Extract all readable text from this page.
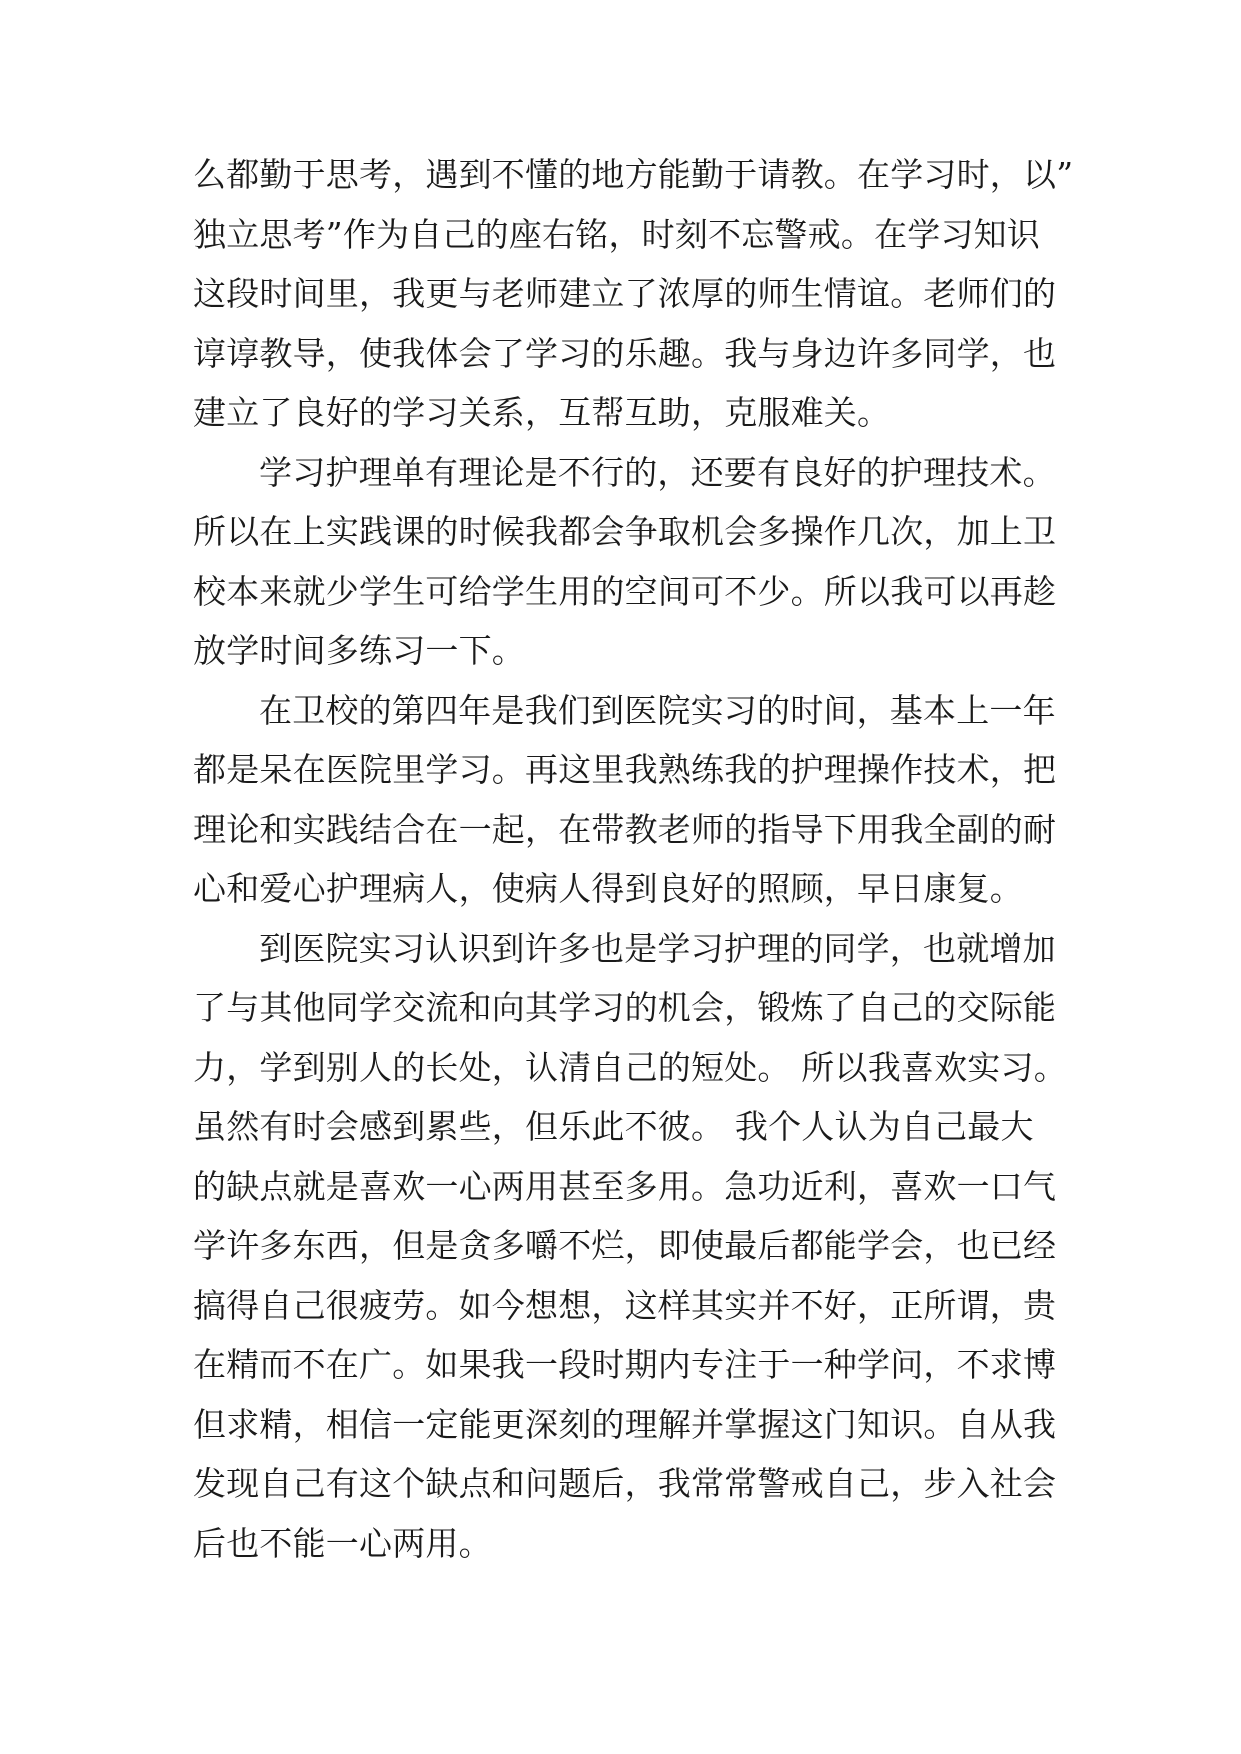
么都勤于思考，遇到不懂的地方能勤于请教。在学习时，以”
独立思考”作为自己的座右铭，时刻不忘警戒。在学习知识
这段时间里，我更与老师建立了浓厚的师生情谊。老师们的
谆谆教导，使我体会了学习的乐趣。我与身边许多同学，也
建立了良好的学习关系，互帮互助，克服难关。
学习护理单有理论是不行的，还要有良好的护理技术。
所以在上实践课的时候我都会争取机会多操作几次，加上卫
校本来就少学生可给学生用的空间可不少。所以我可以再趁
放学时间多练习一下。
在卫校的第四年是我们到医院实习的时间，基本上一年
都是呆在医院里学习。再这里我熟练我的护理操作技术，把
理论和实践结合在一起，在带教老师的指导下用我全副的耐
心和爱心护理病人，使病人得到良好的照顾，早日康复。
到医院实习认识到许多也是学习护理的同学，也就增加
了与其他同学交流和向其学习的机会，锻炼了自己的交际能
力，学到别人的长处，认清自己的短处。 所以我喜欢实习。
虽然有时会感到累些，但乐此不彼。 我个人认为自己最大
的缺点就是喜欢一心两用甚至多用。急功近利，喜欢一口气
学许多东西，但是贪多嚼不烂，即使最后都能学会，也已经
搞得自己很疲劳。如今想想，这样其实并不好，正所谓，贵
在精而不在广。如果我一段时期内专注于一种学问，不求博
但求精，相信一定能更深刻的理解并掌握这门知识。自从我
发现自己有这个缺点和问题后，我常常警戒自己，步入社会
后也不能一心两用。
